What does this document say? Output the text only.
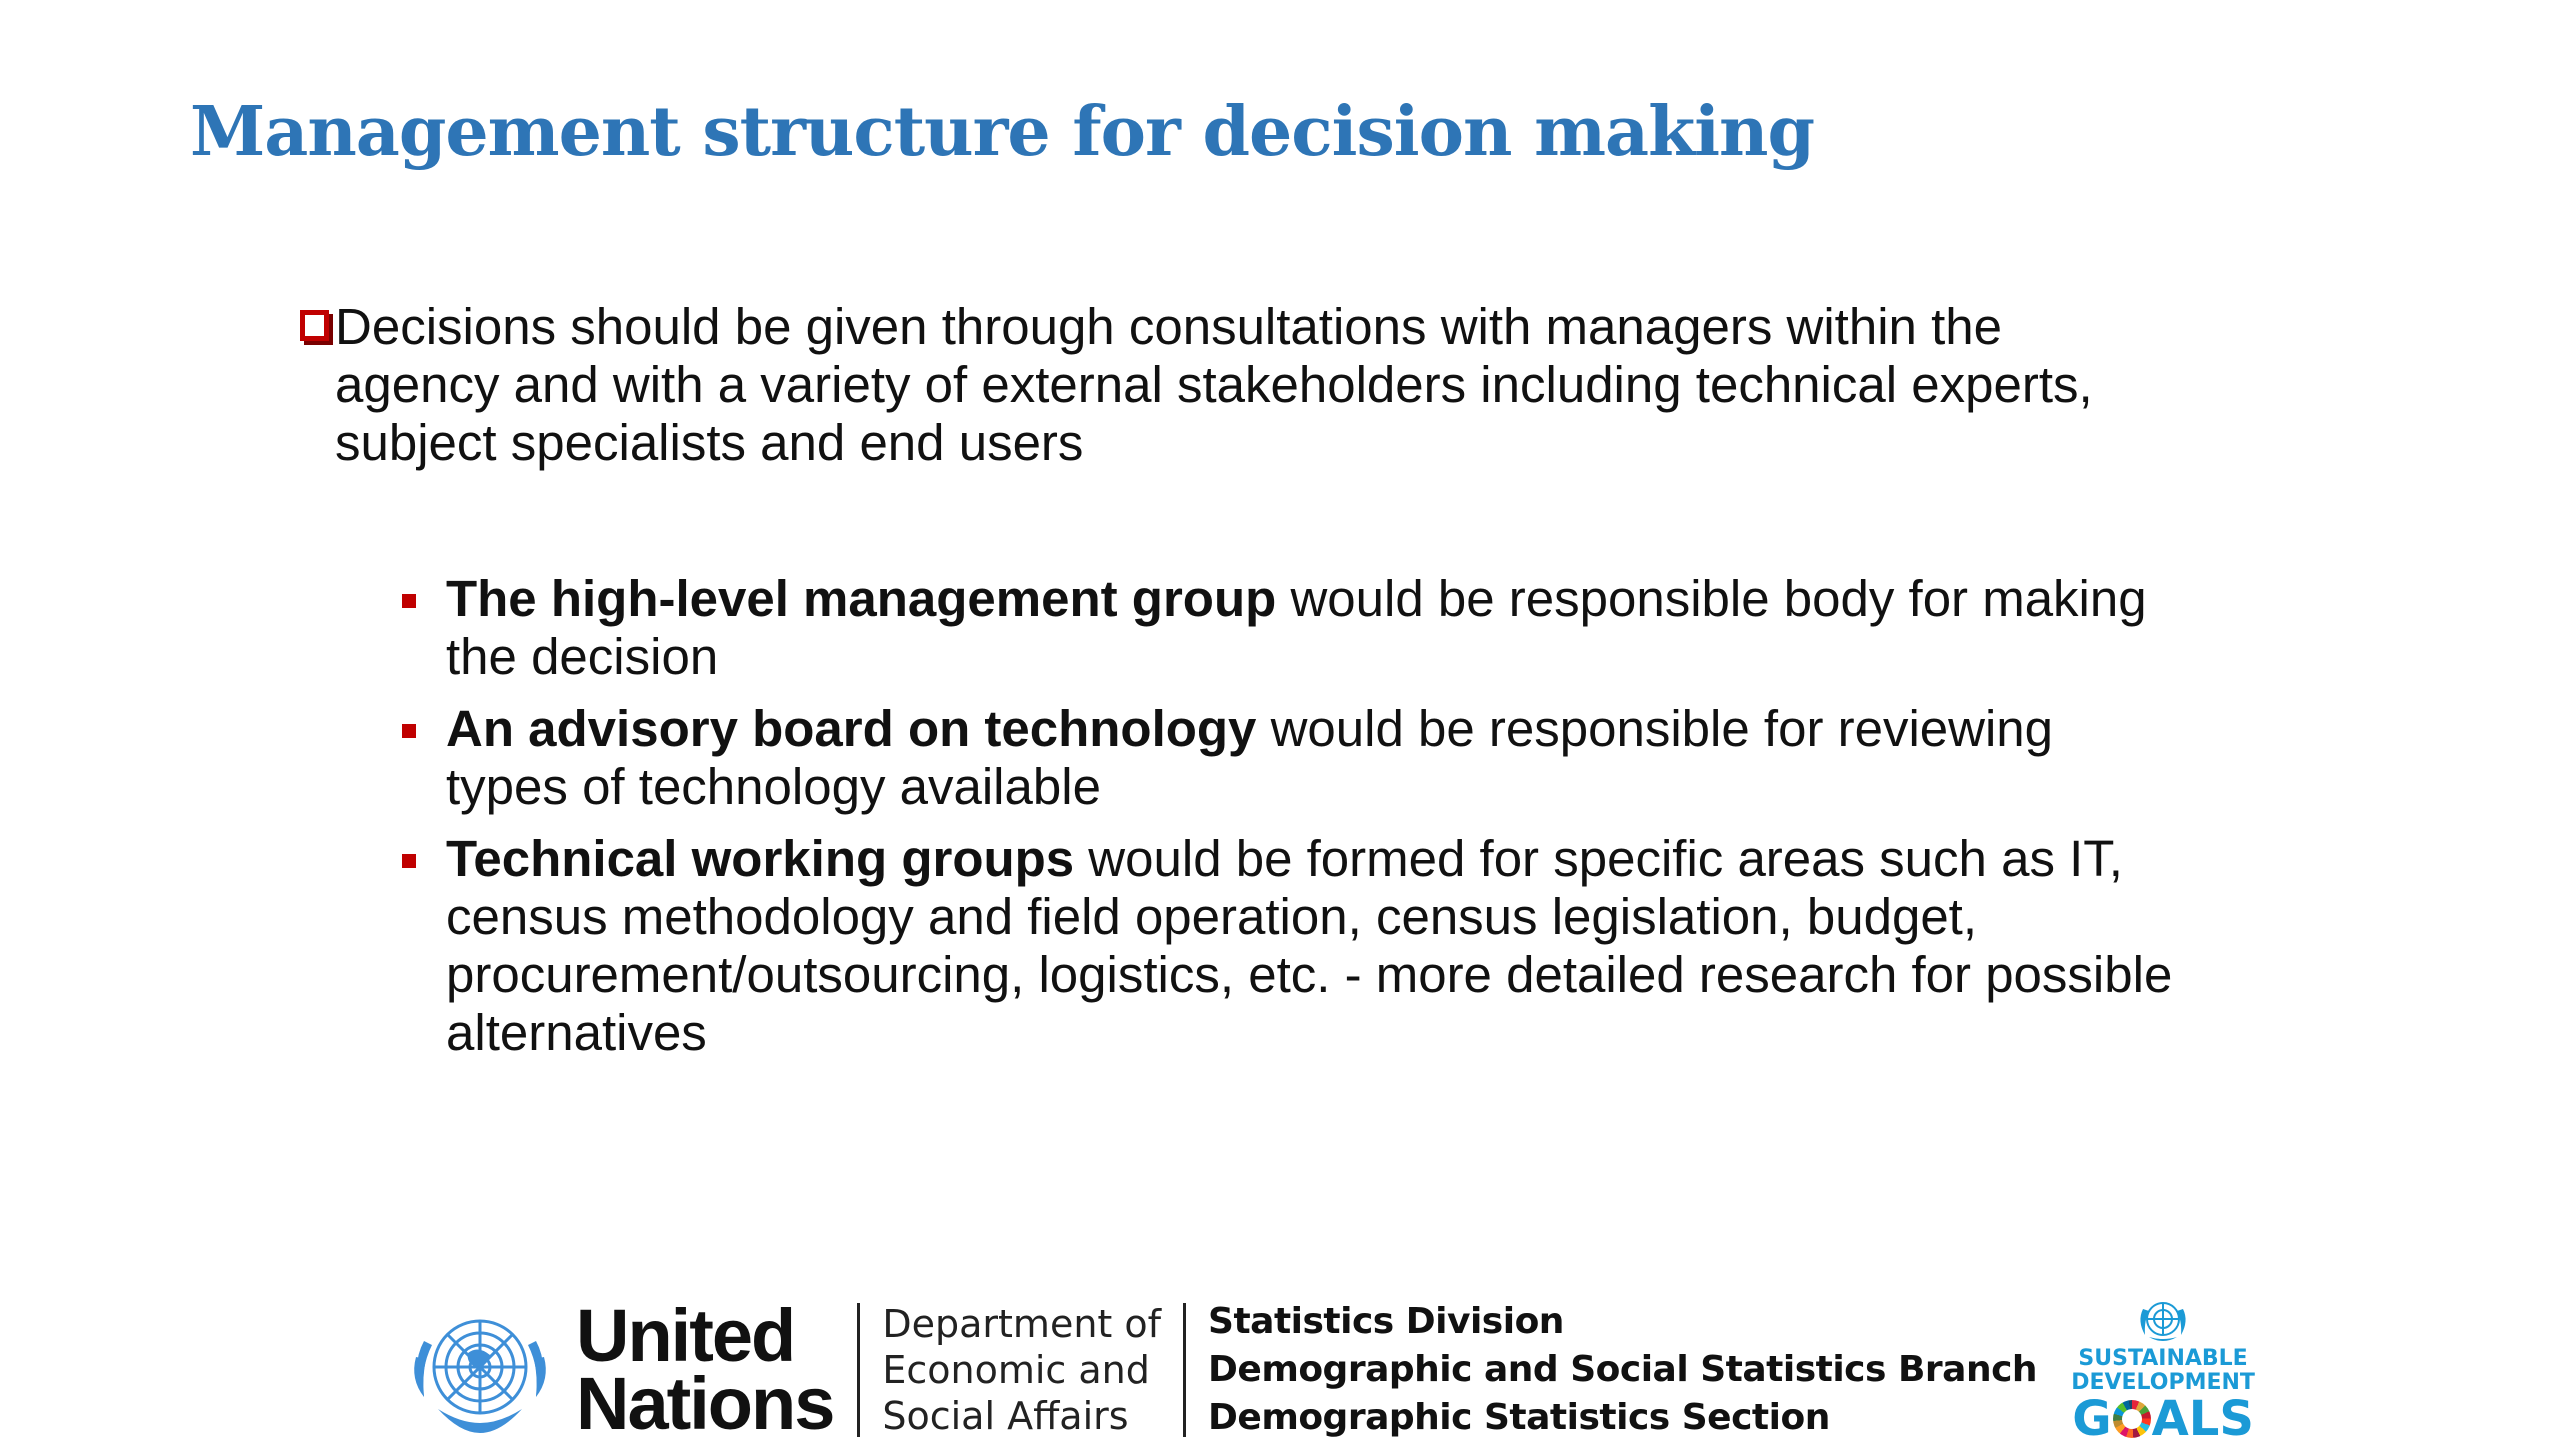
Management structure for decision making
Decisions should be given through consultations with managers within the agency and with a variety of external stakeholders including technical experts, subject specialists and end users
The high-level management group would be responsible body for making the decision
An advisory board on technology would be responsible for reviewing types of technology available
Technical working groups would be formed for specific areas such as IT, census methodology and field operation, census legislation, budget, procurement/outsourcing, logistics, etc. - more detailed research for possible alternatives
United
Nations
Department of
Economic and
Social Affairs
Statistics Division
Demographic and Social Statistics Branch
Demographic Statistics Section
SUSTAINABLE
DEVELOPMENT
G ALS
